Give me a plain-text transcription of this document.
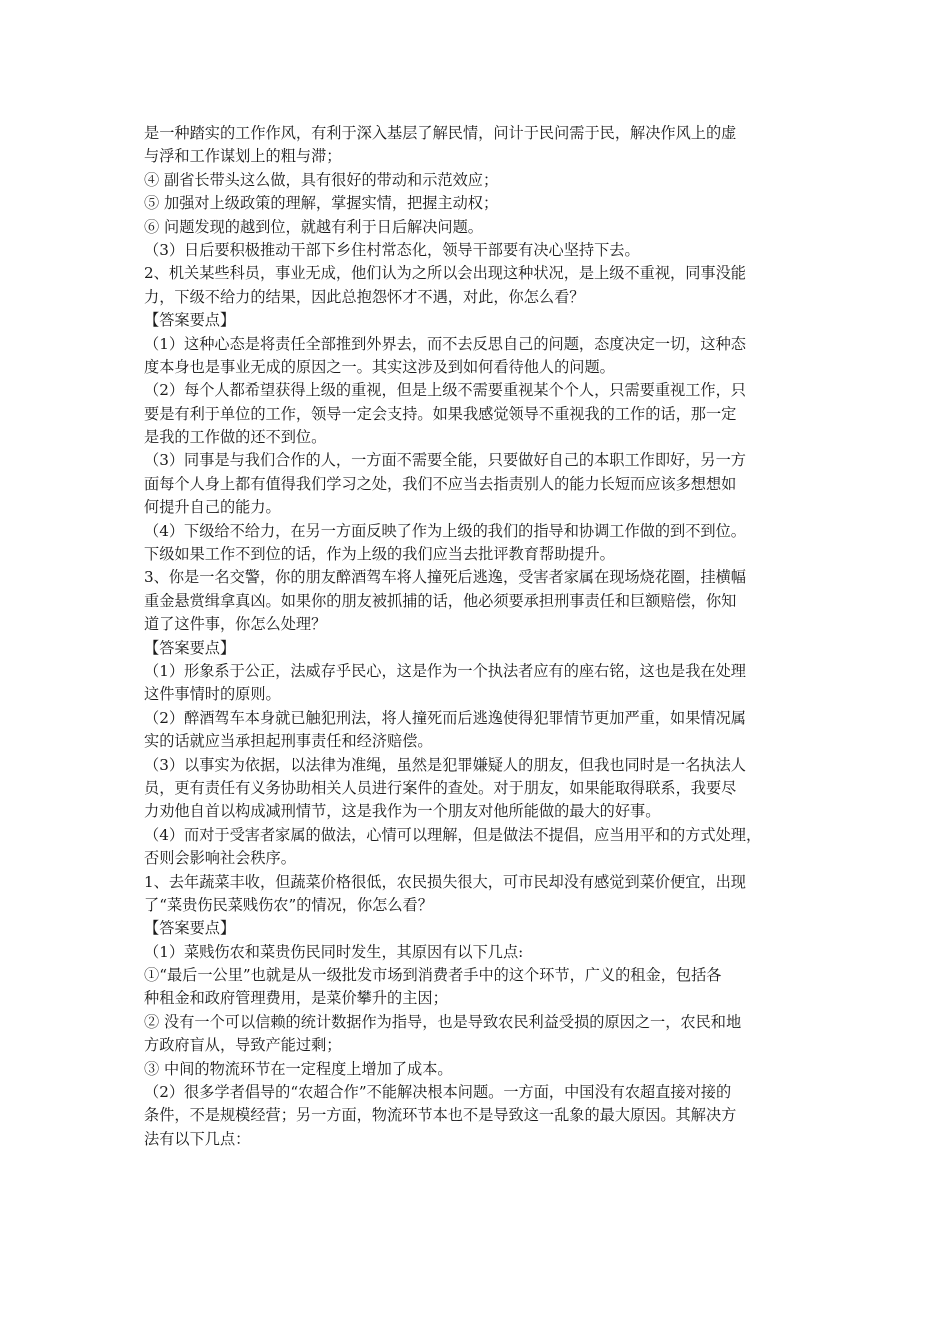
是一种踏实的工作作风，有利于深入基层了解民情，问计于民问需于民，解决作风上的虚
与浮和工作谋划上的粗与滞；
④ 副省长带头这么做，具有很好的带动和示范效应；
⑤ 加强对上级政策的理解，掌握实情，把握主动权；
⑥ 问题发现的越到位，就越有利于日后解决问题。
（3）日后要积极推动干部下乡住村常态化，领导干部要有决心坚持下去。
2、机关某些科员，事业无成，他们认为之所以会出现这种状况，是上级不重视，同事没能
力，下级不给力的结果，因此总抱怨怀才不遇，对此，你怎么看？
【答案要点】
（1）这种心态是将责任全部推到外界去，而不去反思自己的问题，态度决定一切，这种态
度本身也是事业无成的原因之一。其实这涉及到如何看待他人的问题。
（2）每个人都希望获得上级的重视，但是上级不需要重视某个个人，只需要重视工作，只
要是有利于单位的工作，领导一定会支持。如果我感觉领导不重视我的工作的话，那一定
是我的工作做的还不到位。
（3）同事是与我们合作的人，一方面不需要全能，只要做好自己的本职工作即好，另一方
面每个人身上都有值得我们学习之处，我们不应当去指责别人的能力长短而应该多想想如
何提升自己的能力。
（4）下级给不给力，在另一方面反映了作为上级的我们的指导和协调工作做的到不到位。
下级如果工作不到位的话，作为上级的我们应当去批评教育帮助提升。
3、你是一名交警，你的朋友醉酒驾车将人撞死后逃逸，受害者家属在现场烧花圈，挂横幅
重金悬赏缉拿真凶。如果你的朋友被抓捕的话，他必须要承担刑事责任和巨额赔偿，你知
道了这件事，你怎么处理？
【答案要点】
（1）形象系于公正，法威存乎民心，这是作为一个执法者应有的座右铭，这也是我在处理
这件事情时的原则。
（2）醉酒驾车本身就已触犯刑法，将人撞死而后逃逸使得犯罪情节更加严重，如果情况属
实的话就应当承担起刑事责任和经济赔偿。
（3）以事实为依据，以法律为准绳，虽然是犯罪嫌疑人的朋友，但我也同时是一名执法人
员，更有责任有义务协助相关人员进行案件的查处。对于朋友，如果能取得联系，我要尽
力劝他自首以构成减刑情节，这是我作为一个朋友对他所能做的最大的好事。
（4）而对于受害者家属的做法，心情可以理解，但是做法不提倡，应当用平和的方式处理，
否则会影响社会秩序。
1、去年蔬菜丰收，但蔬菜价格很低，农民损失很大，可市民却没有感觉到菜价便宜，出现
了“菜贵伤民菜贱伤农”的情况，你怎么看？
【答案要点】
（1）菜贱伤农和菜贵伤民同时发生，其原因有以下几点:
①“最后一公里”也就是从一级批发市场到消费者手中的这个环节，广义的租金，包括各
种租金和政府管理费用，是菜价攀升的主因；
② 没有一个可以信赖的统计数据作为指导，也是导致农民利益受损的原因之一，农民和地
方政府盲从，导致产能过剩；
③ 中间的物流环节在一定程度上增加了成本。
（2）很多学者倡导的“农超合作”不能解决根本问题。一方面，中国没有农超直接对接的
条件，不是规模经营；另一方面，物流环节本也不是导致这一乱象的最大原因。其解决方
法有以下几点：
